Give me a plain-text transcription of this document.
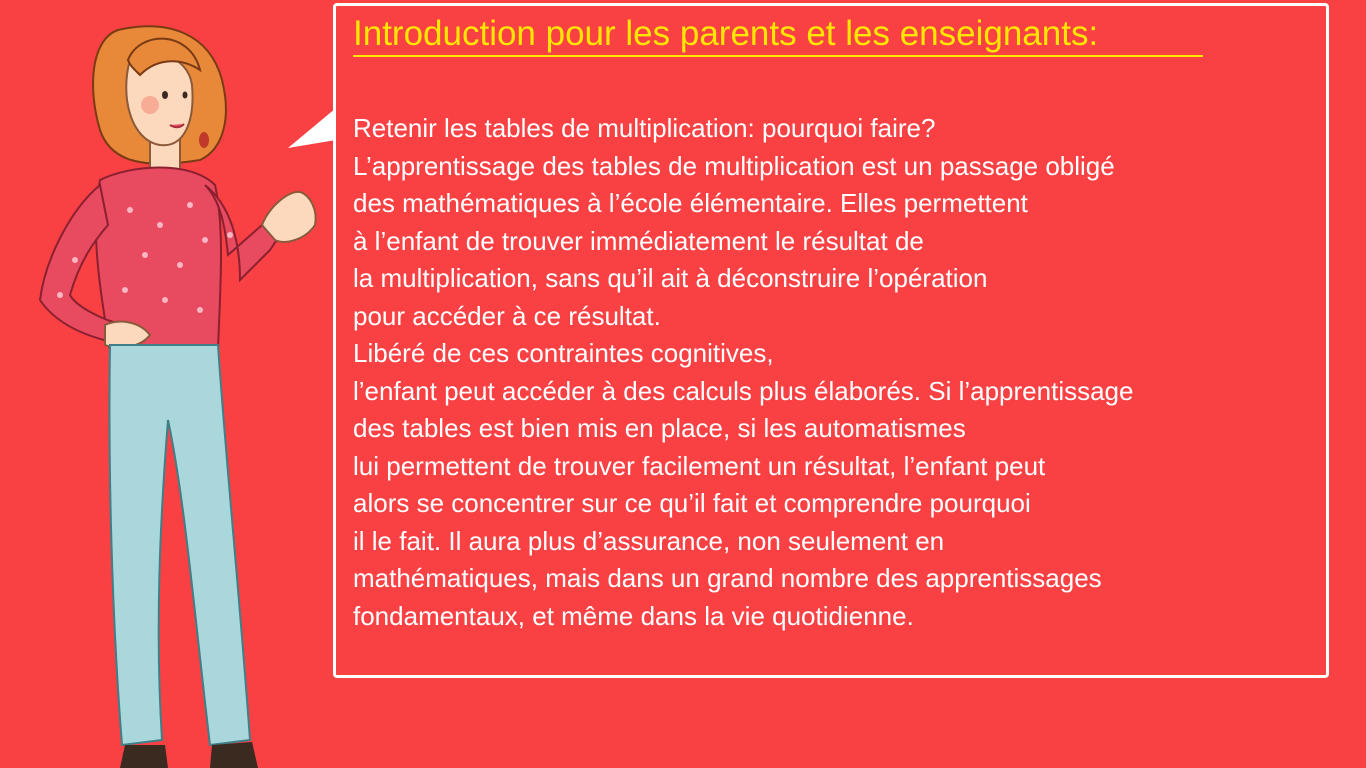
Introduction pour les parents et les enseignants:
Retenir les tables de multiplication: pourquoi faire?
L’apprentissage des tables de multiplication est un passage obligé
des mathématiques à l’école élémentaire. Elles permettent
à l’enfant de trouver immédiatement le résultat de
la multiplication, sans qu’il ait à déconstruire l’opération
pour accéder à ce résultat.
Libéré de ces contraintes cognitives,
l’enfant peut accéder à des calculs plus élaborés. Si l’apprentissage
des tables est bien mis en place, si les automatismes
lui permettent de trouver facilement un résultat, l’enfant peut
alors se concentrer sur ce qu’il fait et comprendre pourquoi
il le fait. Il aura plus d’assurance, non seulement en
mathématiques, mais dans un grand nombre des apprentissages
fondamentaux, et même dans la vie quotidienne.
